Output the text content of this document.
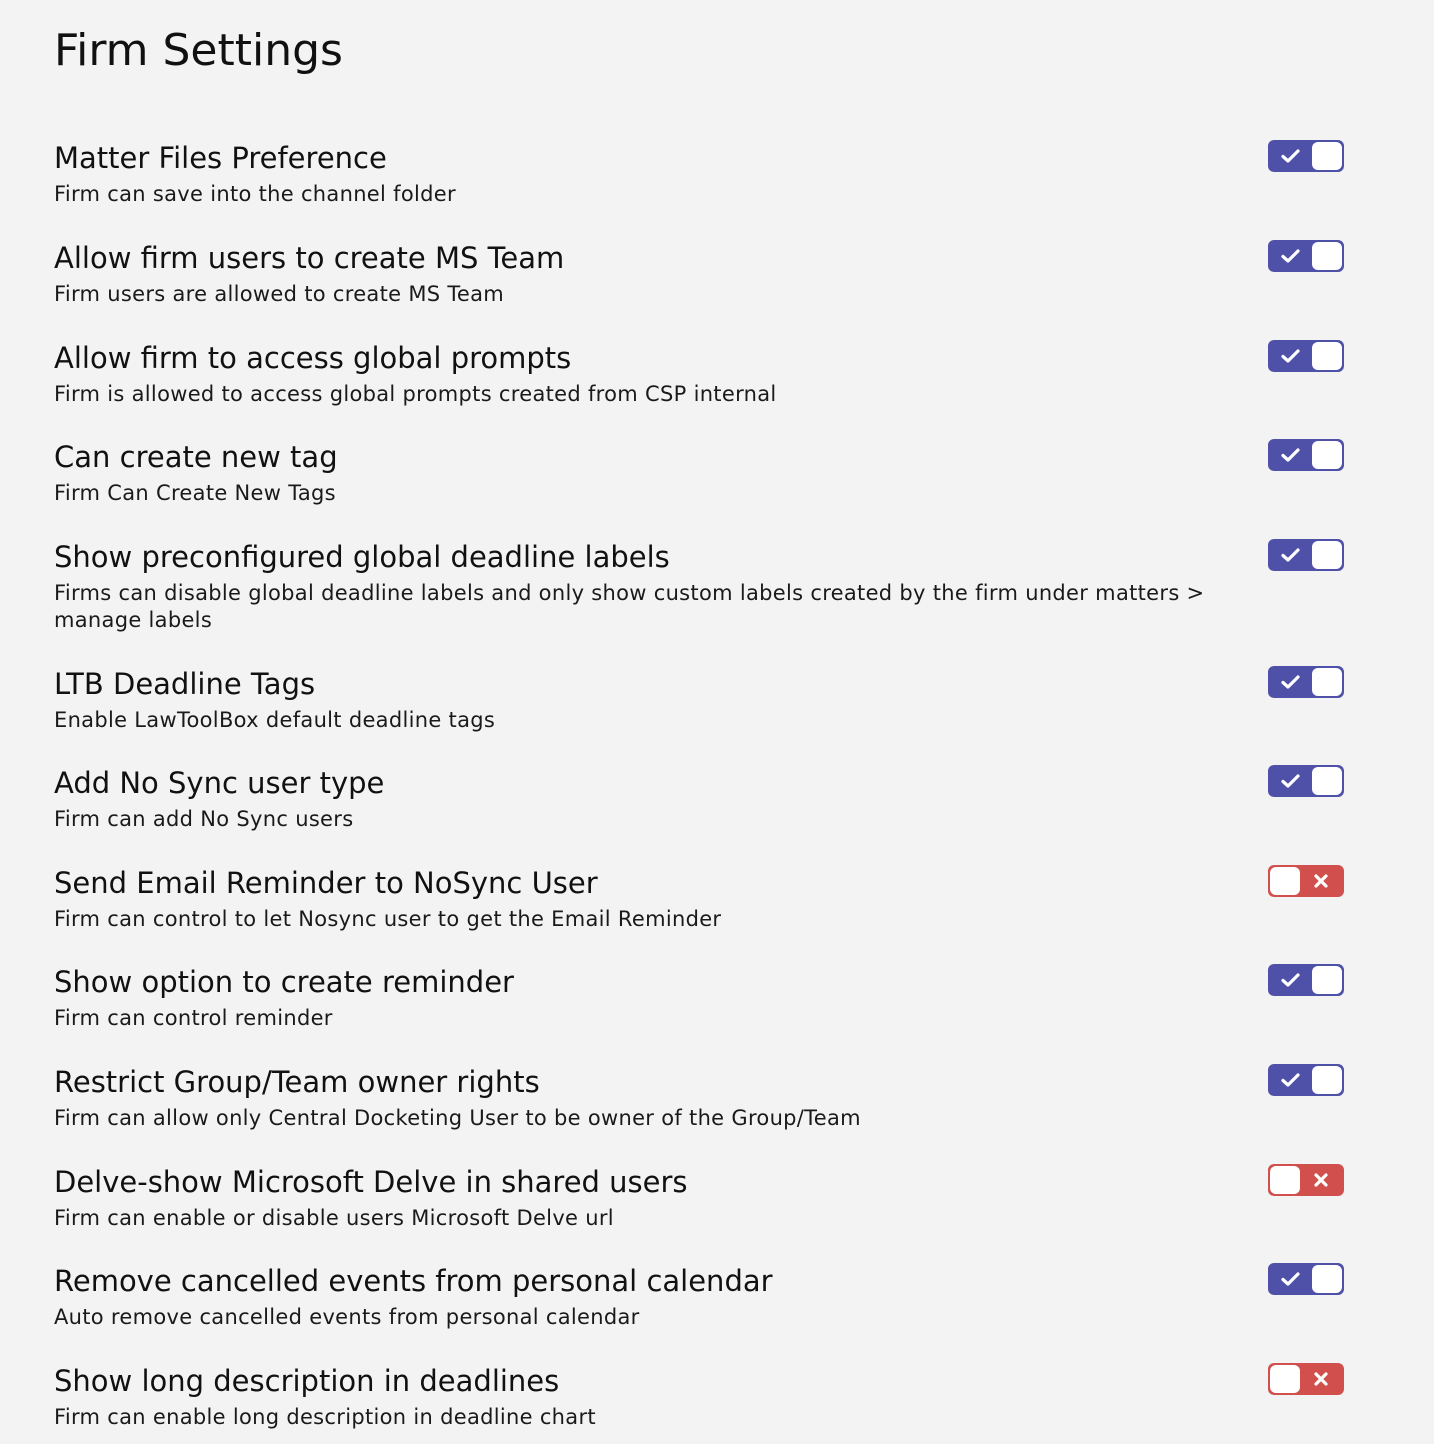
Firm Settings
Matter Files Preference
Firm can save into the channel folder
Allow firm users to create MS Team
Firm users are allowed to create MS Team
Allow firm to access global prompts
Firm is allowed to access global prompts created from CSP internal
Can create new tag
Firm Can Create New Tags
Show preconfigured global deadline labels
Firms can disable global deadline labels and only show custom labels created by the firm under matters > manage labels
LTB Deadline Tags
Enable LawToolBox default deadline tags
Add No Sync user type
Firm can add No Sync users
Send Email Reminder to NoSync User
Firm can control to let Nosync user to get the Email Reminder
Show option to create reminder
Firm can control reminder
Restrict Group/Team owner rights
Firm can allow only Central Docketing User to be owner of the Group/Team
Delve-show Microsoft Delve in shared users
Firm can enable or disable users Microsoft Delve url
Remove cancelled events from personal calendar
Auto remove cancelled events from personal calendar
Show long description in deadlines
Firm can enable long description in deadline chart
